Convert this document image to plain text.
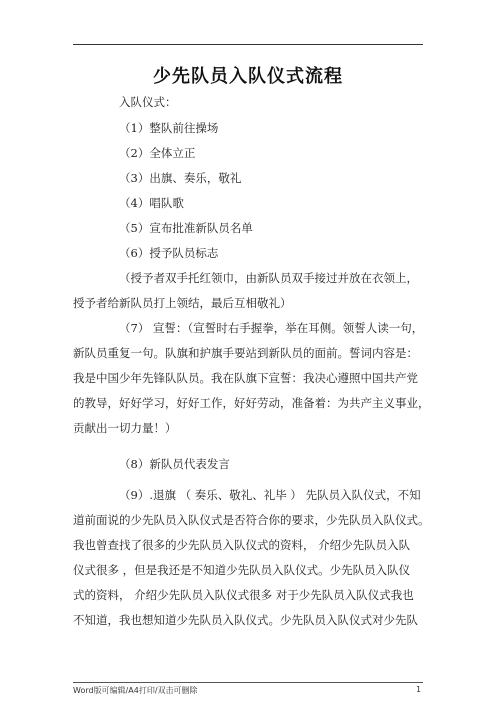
少先队员入队仪式流程
入队仪式：
（1）整队前往操场
（2）全体立正
（3）出旗、奏乐，敬礼
（4）唱队歌
（5）宣布批准新队员名单
（6）授予队员标志
（授予者双手托红领巾，由新队员双手接过并放在衣领上，
授予者给新队员打上领结，最后互相敬礼）
（7） 宣誓：（宣誓时右手握拳，举在耳侧。领誓人读一句，
新队员重复一句。队旗和护旗手要站到新队员的面前。誓词内容是：
我是中国少年先锋队队员。我在队旗下宣誓：我决心遵照中国共产党
的教导，好好学习，好好工作，好好劳动，准备着：为共产主义事业，
贡献出一切力量！）
（8）新队员代表发言
（9）.退旗 （ 奏乐、敬礼、礼毕 ） 先队员入队仪式，不知
道前面说的少先队员入队仪式是否符合你的要求，少先队员入队仪式。
我也曾查找了很多的少先队员入队仪式的资料， 介绍少先队员入队
仪式很多 ，但是我还是不知道少先队员入队仪式。少先队员入队仪
式的资料， 介绍少先队员入队仪式很多 对于少先队员入队仪式我也
不知道，我也想知道少先队员入队仪式。少先队员入队仪式对少先队
Word版可编辑/A4打印/双击可删除	1
